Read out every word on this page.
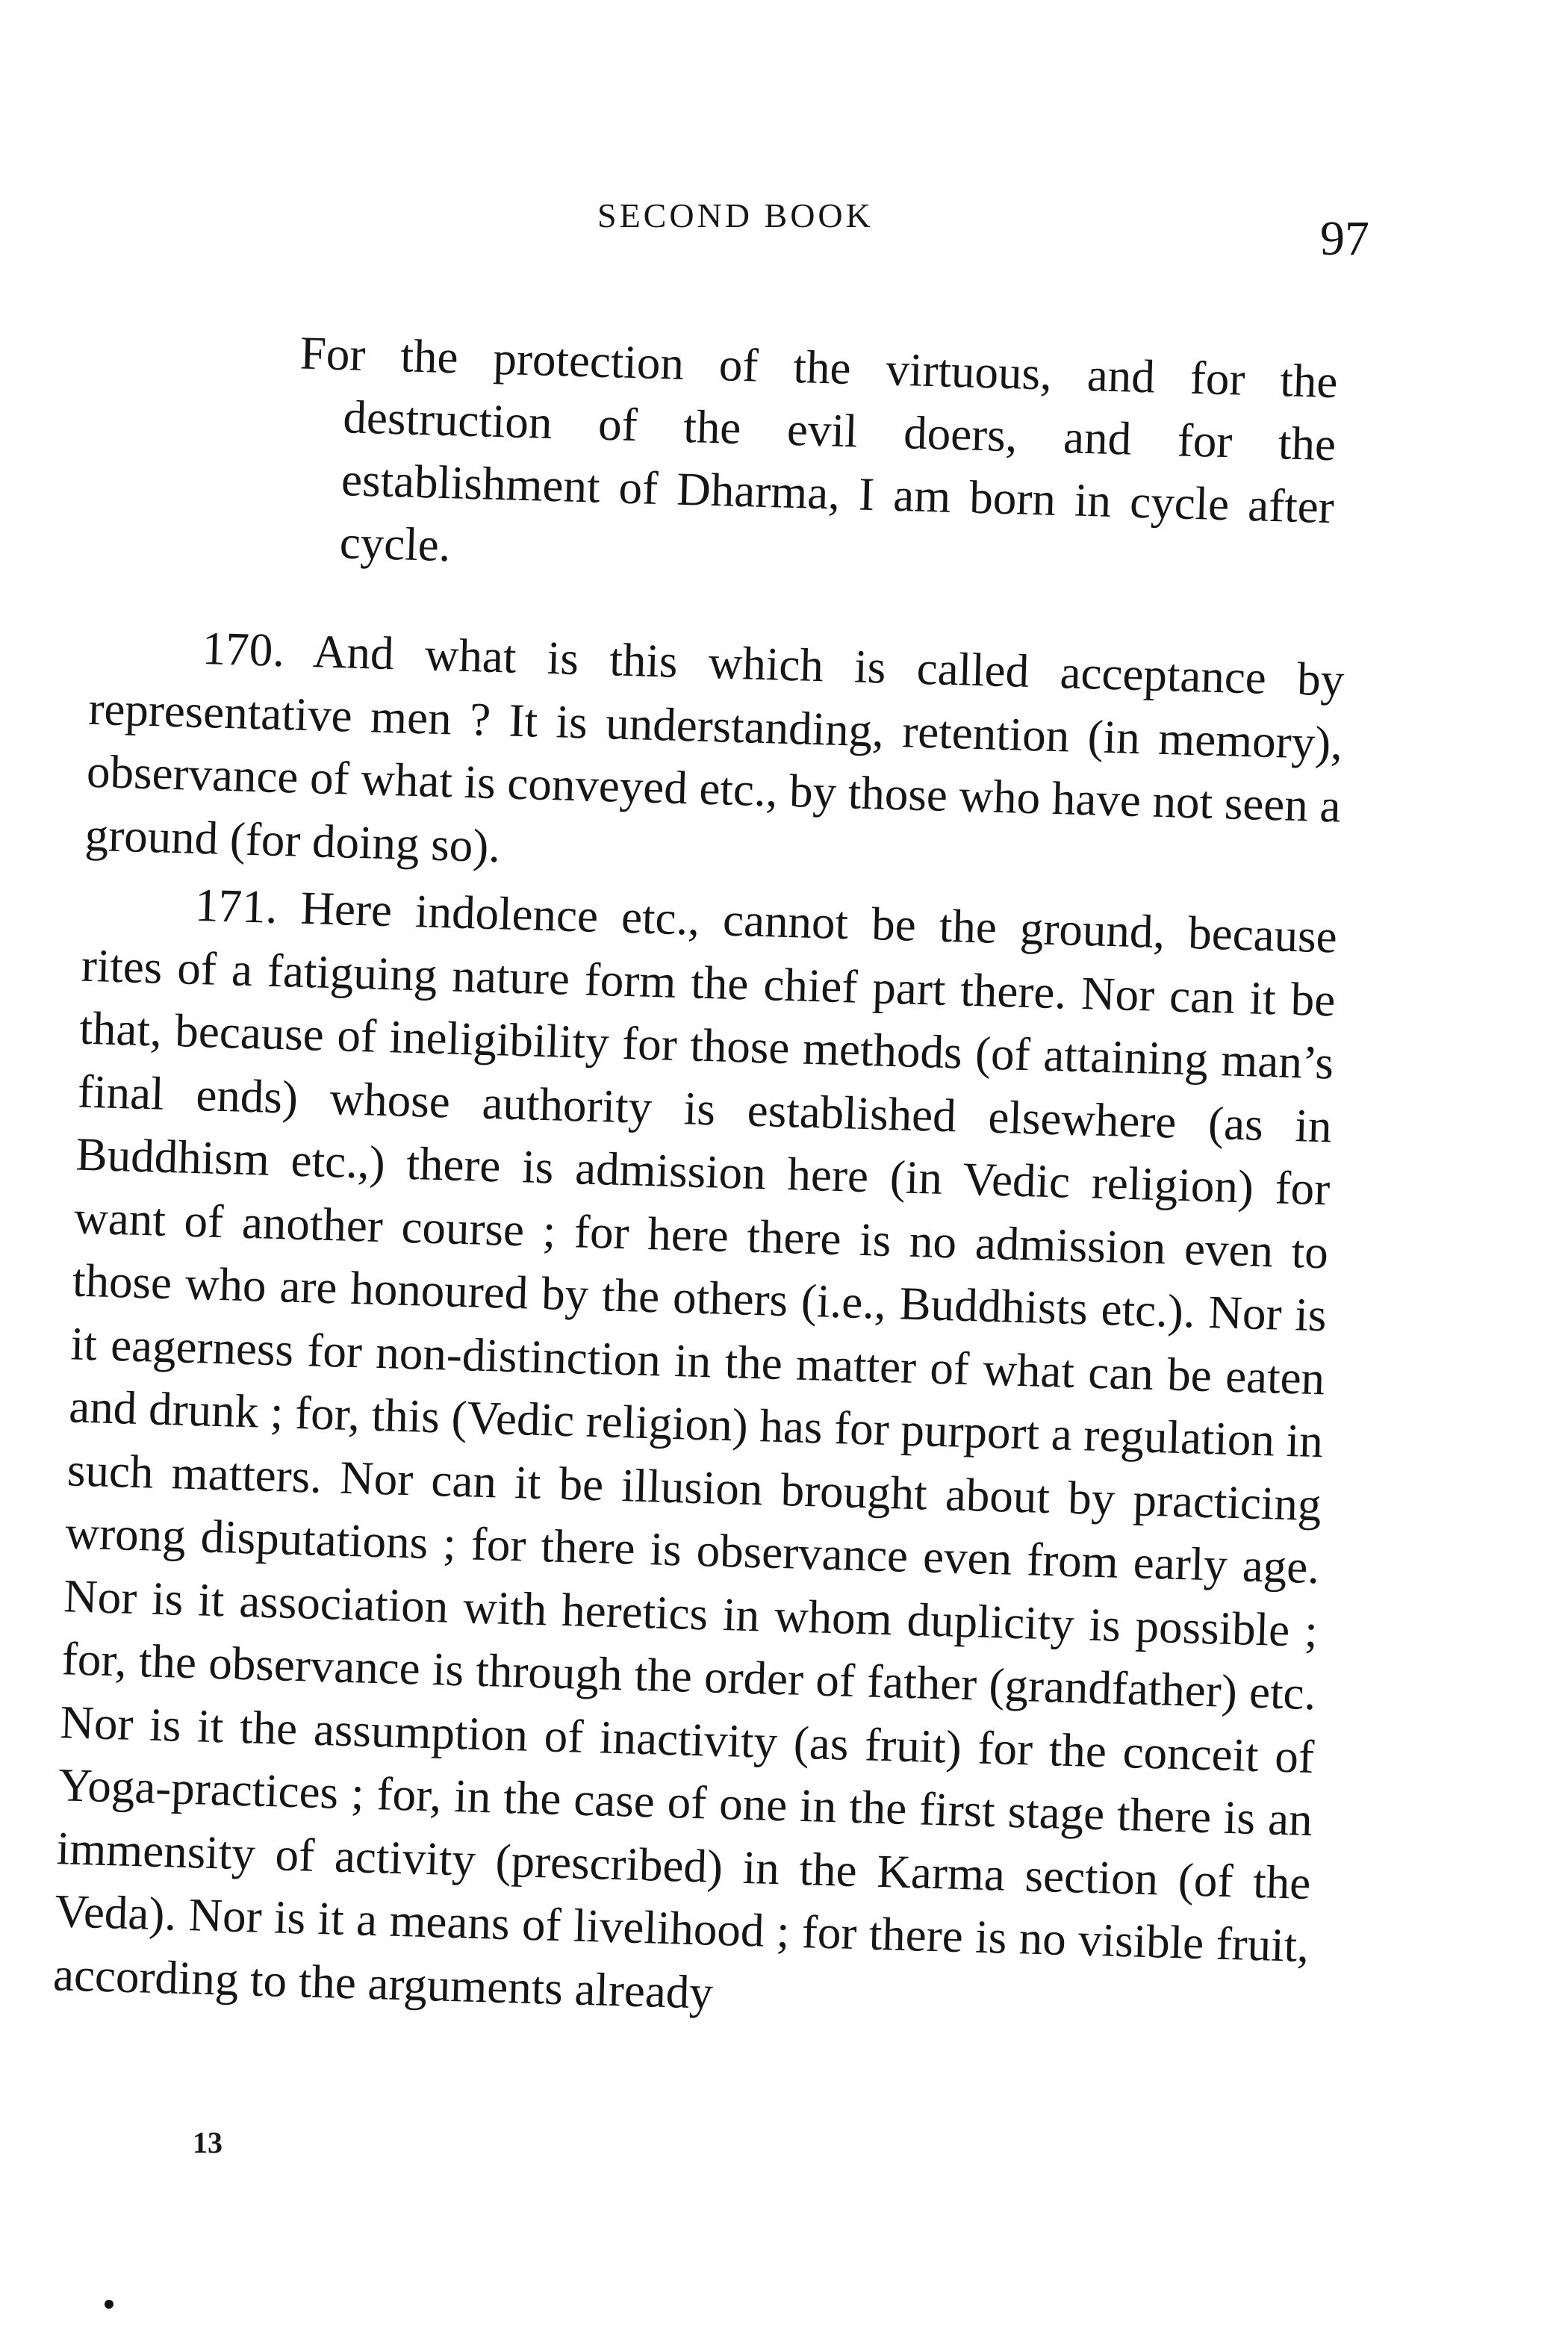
SECOND BOOK	97

For the protection of the virtuous, and for the destruction of the evil doers, and for the establishment of Dharma, I am born in cycle after cycle.

170. And what is this which is called acceptance by representative men ? It is understanding, retention (in memory), observance of what is conveyed etc., by those who have not seen a ground (for doing so).

171. Here indolence etc., cannot be the ground, because rites of a fatiguing nature form the chief part there. Nor can it be that, because of ineligibility for those methods (of attaining man’s final ends) whose authority is established elsewhere (as in Buddhism etc.,) there is admission here (in Vedic religion) for want of another course ; for here there is no admission even to those who are honoured by the others (i.e., Buddhists etc.). Nor is it eagerness for non-distinction in the matter of what can be eaten and drunk ; for, this (Vedic religion) has for purport a regulation in such matters. Nor can it be illusion brought about by practicing wrong disputations ; for there is observance even from early age. Nor is it association with heretics in whom duplicity is possible ; for, the observance is through the order of father (grandfather) etc. Nor is it the assumption of inactivity (as fruit) for the conceit of Yoga-practices ; for, in the case of one in the first stage there is an immensity of activity (prescribed) in the Karma section (of the Veda). Nor is it a means of livelihood ; for there is no visible fruit, according to the arguments already

13
